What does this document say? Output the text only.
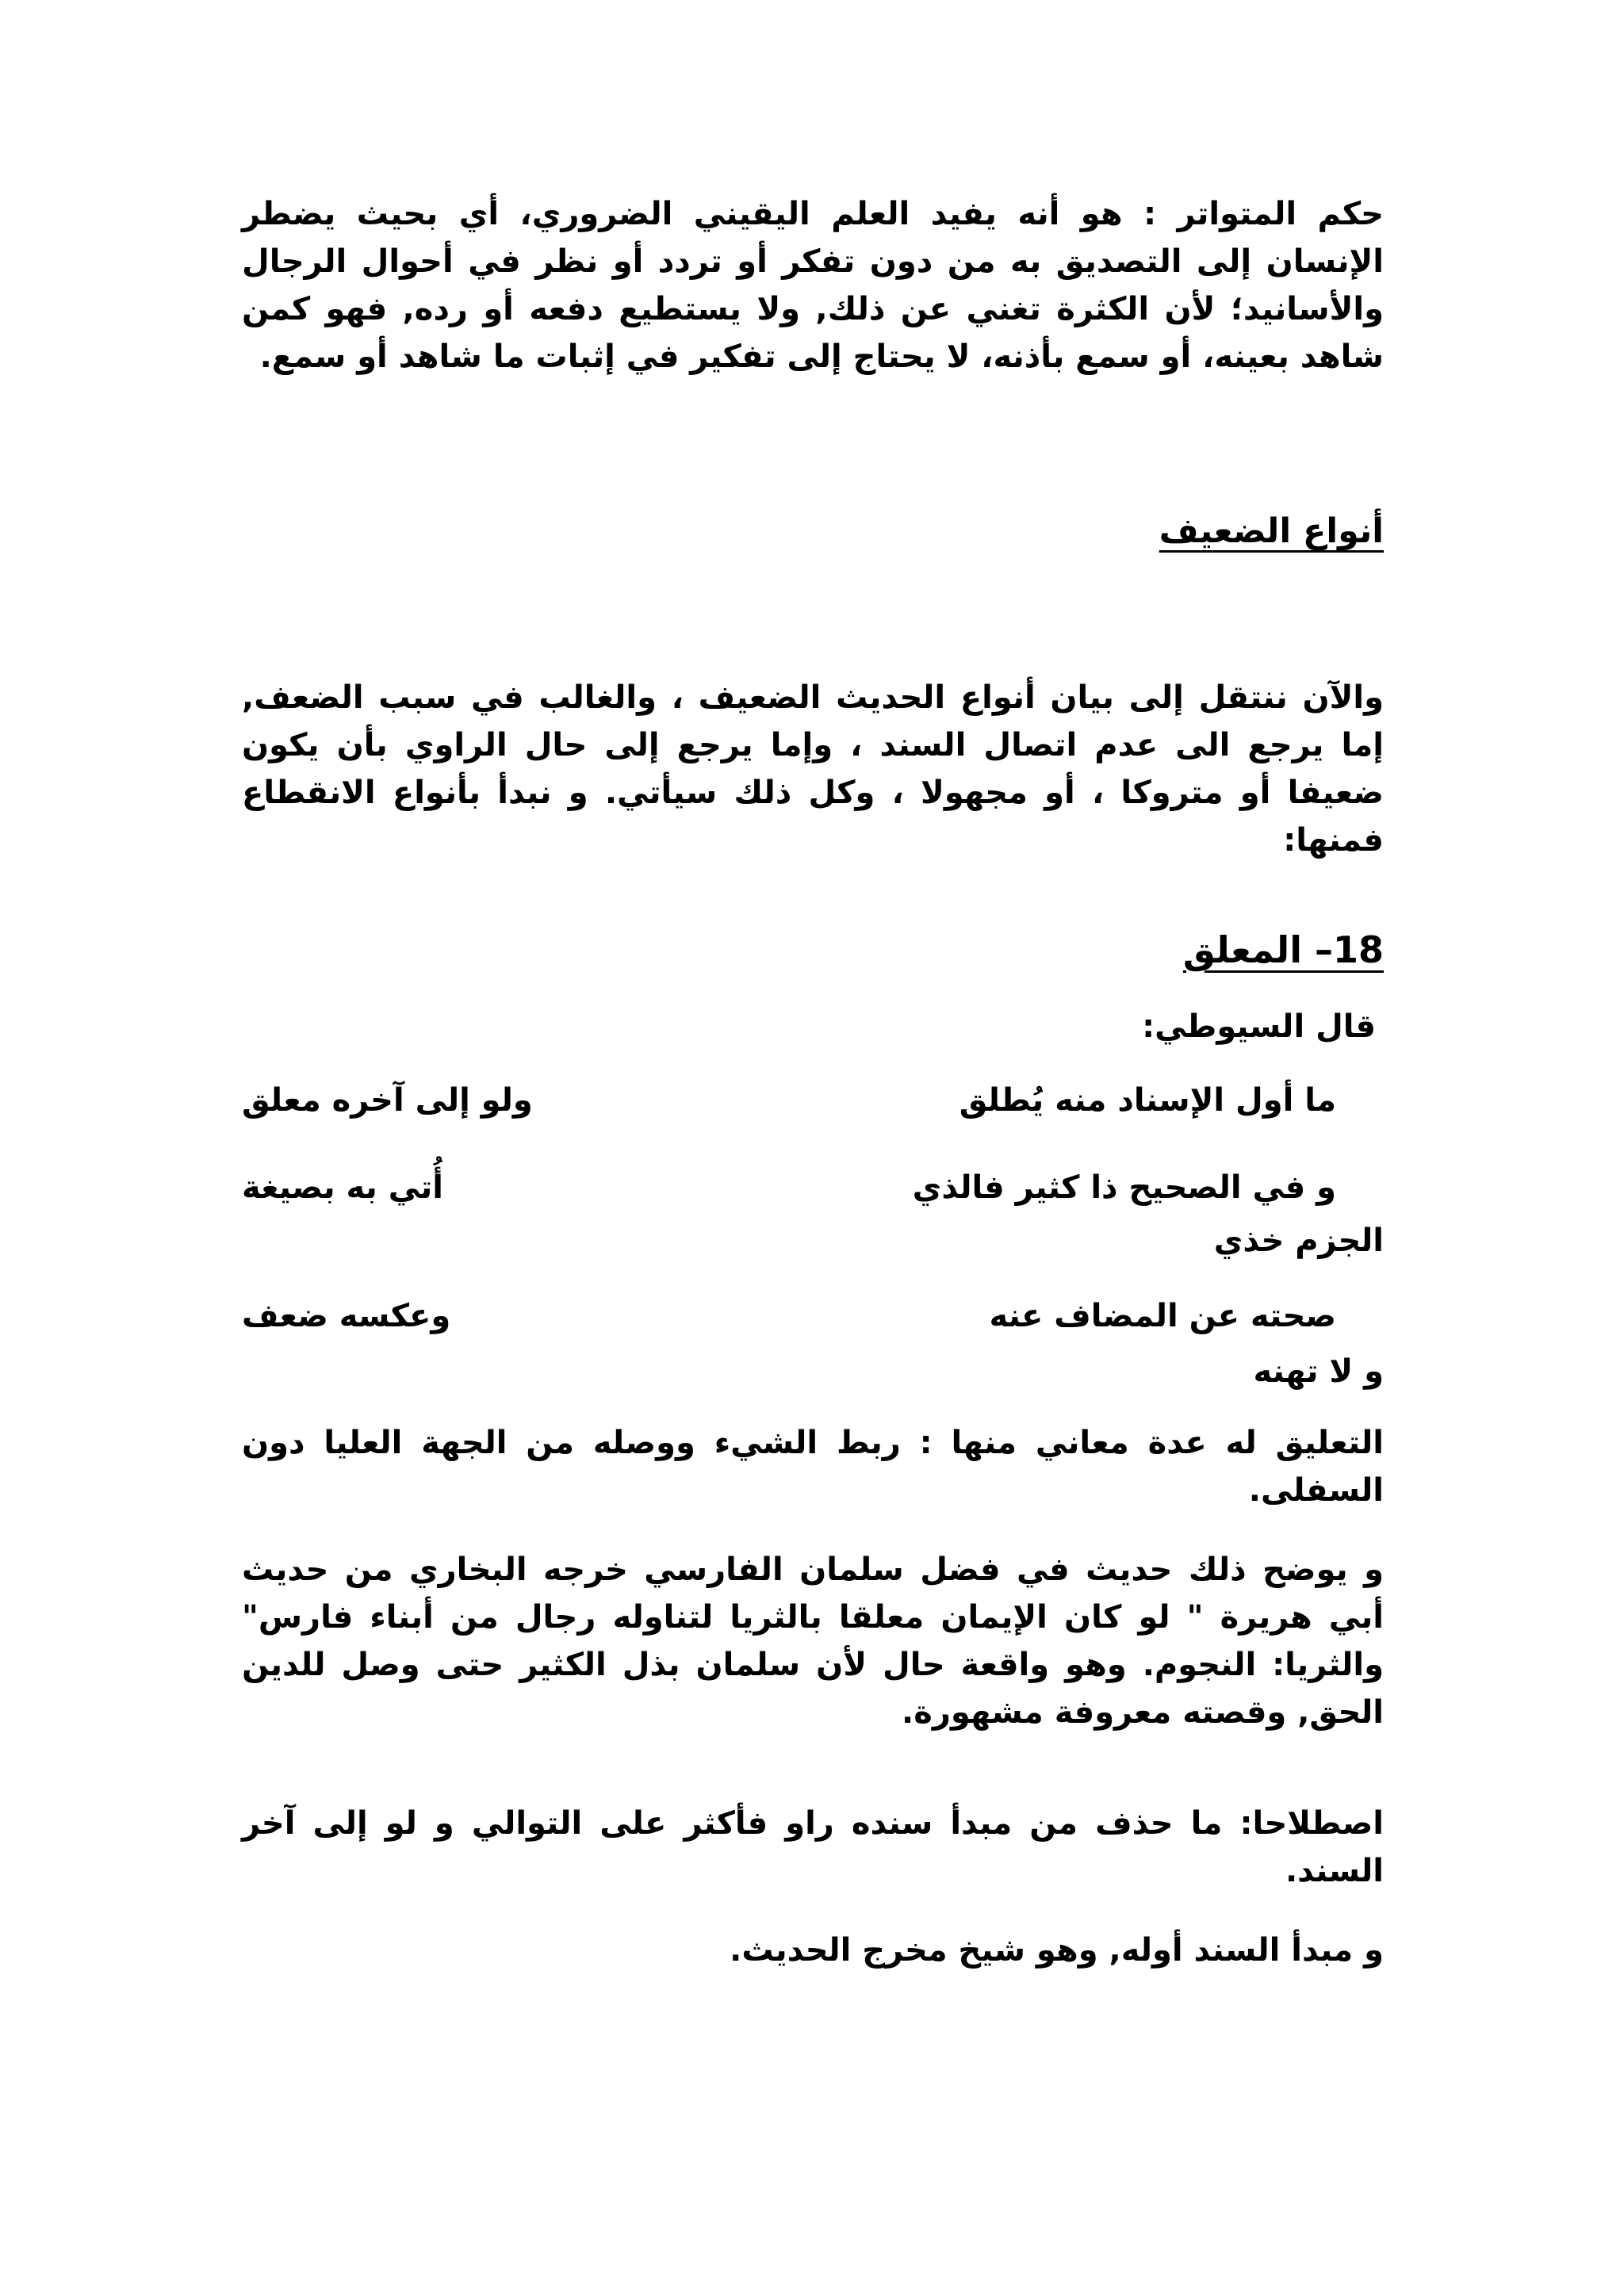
حكم المتواتر : هو أنه يفيد العلم اليقيني الضروري، أي بحيث يضطر الإنسان إلى التصديق به من دون تفكر أو تردد أو نظر في أحوال الرجال والأسانيد؛ لأن الكثرة تغني عن ذلك, ولا يستطيع دفعه أو رده, فهو كمن شاهد بعينه، أو سمع بأذنه، لا يحتاج إلى تفكير في إثبات ما شاهد أو سمع.

أنواع الضعيف

والآن ننتقل إلى بيان أنواع الحديث الضعيف ، والغالب في سبب الضعف, إما يرجع الى عدم اتصال السند ، وإما يرجع إلى حال الراوي بأن يكون ضعيفا أو متروكا ، أو مجهولا ، وكل ذلك سيأتي. و نبدأ بأنواع الانقطاع فمنها:

18– المعلق
قال السيوطي:
ما أول الإسناد منه يُطلق
ولو إلى آخره معلق
و في الصحيح ذا كثير فالذي
أُتي به بصيغة
الجزم خذي
صحته عن المضاف عنه
وعكسه ضعف
و لا تهنه

التعليق له عدة معاني منها : ربط الشيء ووصله من الجهة العليا دون السفلى.

و يوضح ذلك حديث في فضل سلمان الفارسي خرجه البخاري من حديث أبي هريرة " لو كان الإيمان معلقا بالثريا لتناوله رجال من أبناء فارس" والثريا: النجوم. وهو واقعة حال لأن سلمان بذل الكثير حتى وصل للدين الحق, وقصته معروفة مشهورة.

اصطلاحا: ما حذف من مبدأ سنده راو فأكثر على التوالي و لو إلى آخر السند.

و مبدأ السند أوله, وهو شيخ مخرج الحديث.
